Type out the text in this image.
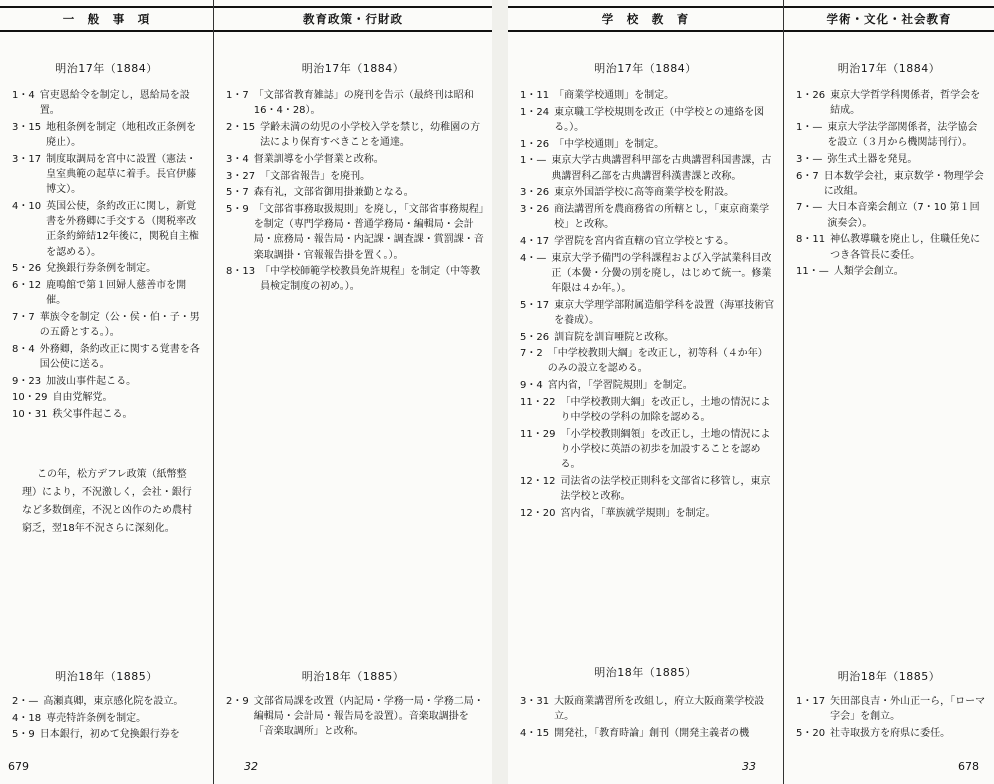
一　般　事　項
明治17年（1884）
1・4 官吏恩給令を制定し，恩給局を設置。
3・15 地租条例を制定（地租改正条例を廃止）。
3・17 制度取調局を宮中に設置（憲法・皇室典範の起草に着手。長官伊藤博文）。
4・10 英国公使，条約改正に関し，新覚書を外務卿に手交する（関税率改正条約締結12年後に，関税自主権を認める）。
5・26 兌換銀行券条例を制定。
6・12 鹿鳴館で第１回婦人慈善市を開催。
7・7 華族令を制定（公・侯・伯・子・男の五爵とする。）。
8・4 外務卿，条約改正に関する覚書を各国公使に送る。
9・23 加波山事件起こる。
10・29 自由党解党。
10・31 秩父事件起こる。
この年，松方デフレ政策（紙幣整理）により，不況激しく，会社・銀行など多数倒産，不況と凶作のため農村窮乏，翌18年不況さらに深刻化。
明治18年（1885）
2・— 高瀬真卿，東京感化院を設立。
4・18 専売特許条例を制定。
5・9 日本銀行，初めて兌換銀行券を
教育政策・行財政
明治17年（1884）
1・7 「文部省教育雑誌」の廃刊を告示（最終刊は昭和16・4・28）。
2・15 学齢未満の幼児の小学校入学を禁じ，幼稚園の方法により保育すべきことを通達。
3・4 督業訓導を小学督業と改称。
3・27 「文部省報告」を廃刊。
5・7 森有礼，文部省御用掛兼勤となる。
5・9 「文部省事務取扱規則」を廃し，「文部省事務規程」を制定（専門学務局・普通学務局・編輯局・会計局・庶務局・報告局・内記課・調査課・賞罰課・音楽取調掛・官報報告掛を置く。）。
8・13 「中学校師範学校教員免許規程」を制定（中等教員検定制度の初め。）。
明治18年（1885）
2・9 文部省局課を改置（内記局・学務一局・学務二局・編輯局・会計局・報告局を設置）。音楽取調掛を「音楽取調所」と改称。
学　校　教　育
明治17年（1884）
1・11 「商業学校通則」を制定。
1・24 東京職工学校規則を改正（中学校との連絡を図る。）。
1・26 「中学校通則」を制定。
1・— 東京大学古典講習科甲部を古典講習科国書課，古典講習科乙部を古典講習科漢書課と改称。
3・26 東京外国語学校に高等商業学校を附設。
3・26 商法講習所を農商務省の所轄とし，「東京商業学校」と改称。
4・17 学習院を宮内省直轄の官立学校とする。
4・— 東京大学予備門の学科課程および入学試業科目改正（本黌・分黌の別を廃し，はじめて統一。修業年限は４か年。）。
5・17 東京大学理学部附属造船学科を設置（海軍技術官を養成）。
5・26 訓盲院を訓盲唖院と改称。
7・2 「中学校教則大綱」を改正し，初等科（４か年）のみの設立を認める。
9・4 宮内省，「学習院規則」を制定。
11・22 「中学校教則大綱」を改正し，土地の情況により中学校の学科の加除を認める。
11・29 「小学校教則綱領」を改正し，土地の情況により小学校に英語の初歩を加設することを認める。
12・12 司法省の法学校正則科を文部省に移管し，東京法学校と改称。
12・20 宮内省，「華族就学規則」を制定。
明治18年（1885）
3・31 大阪商業講習所を改組し，府立大阪商業学校設立。
4・15 開発社，「教育時論」創刊（開発主義者の機
学術・文化・社会教育
明治17年（1884）
1・26 東京大学哲学科関係者，哲学会を結成。
1・— 東京大学法学部関係者，法学協会を設立（３月から機関誌刊行）。
3・— 弥生式土器を発見。
6・7 日本数学会社，東京数学・物理学会に改組。
7・— 大日本音楽会創立（7・10 第１回演奏会）。
8・11 神仏教導職を廃止し，住職任免につき各管長に委任。
11・— 人類学会創立。
明治18年（1885）
1・17 矢田部良吉・外山正一ら，「ローマ字会」を創立。
5・20 社寺取扱方を府県に委任。
679	32	33	678
